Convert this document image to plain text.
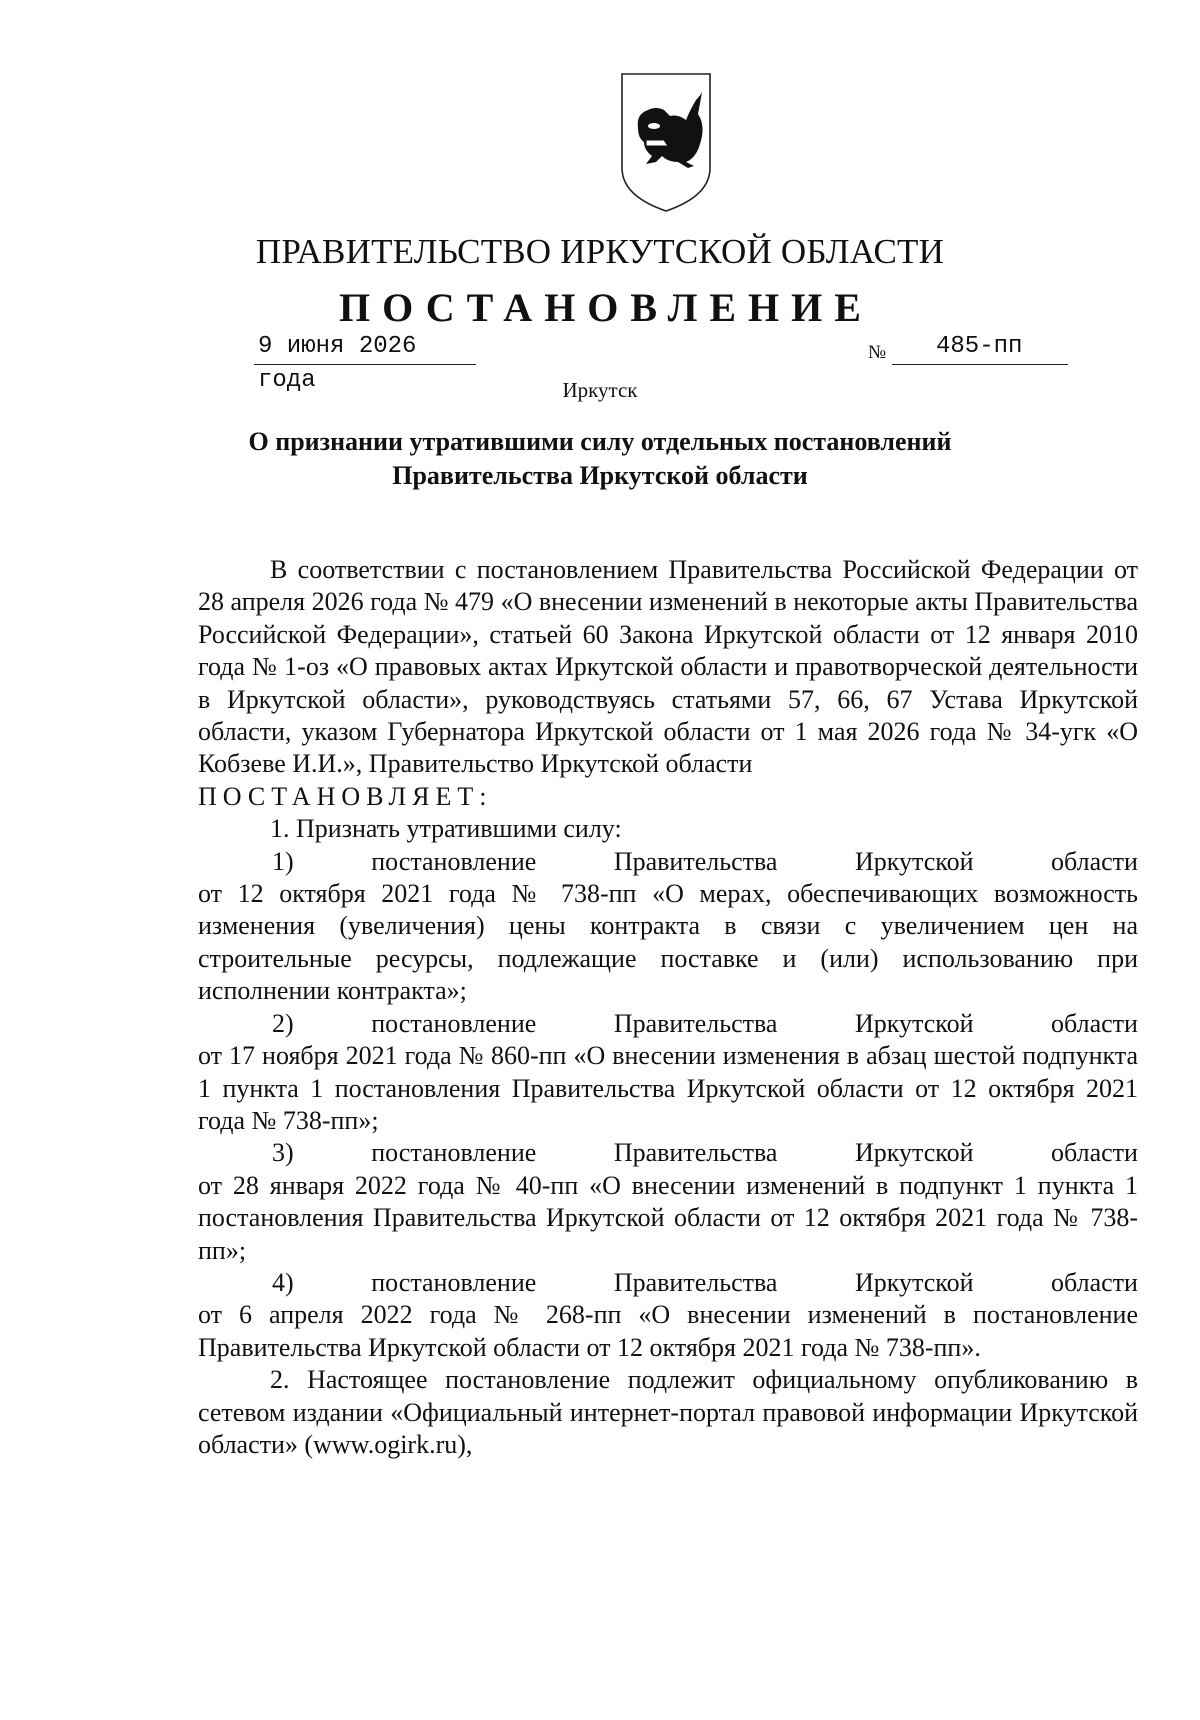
ПРАВИТЕЛЬСТВО ИРКУТСКОЙ ОБЛАСТИ
ПОСТАНОВЛЕНИЕ
9 июня 2026 года
№ 485-пп
Иркутск
О признании утратившими силу отдельных постановлений
Правительства Иркутской области

В соответствии с постановлением Правительства Российской Федерации от 28 апреля 2026 года № 479 «О внесении изменений в некоторые акты Правительства Российской Федерации», статьей 60 Закона Иркутской области от 12 января 2010 года № 1-оз «О правовых актах Иркутской области и правотворческой деятельности в Иркутской области», руководствуясь статьями 57, 66, 67 Устава Иркутской области, указом Губернатора Иркутской области от 1 мая 2026 года № 34-угк «О Кобзеве И.И.», Правительство Иркутской области

ПОСТАНОВЛЯЕТ:

1. Признать утратившими силу:

1)	постановление	Правительства	Иркутской	области

от 12 октября 2021 года № 738-пп «О мерах, обеспечивающих возможность изменения (увеличения) цены контракта в связи с увеличением цен на строительные ресурсы, подлежащие поставке и (или) использованию при исполнении контракта»;

2)	постановление	Правительства	Иркутской	области

от 17 ноября 2021 года № 860-пп «О внесении изменения в абзац шестой подпункта 1 пункта 1 постановления Правительства Иркутской области от 12 октября 2021 года № 738-пп»;

3)	постановление	Правительства	Иркутской	области

от 28 января 2022 года № 40-пп «О внесении изменений в подпункт 1 пункта 1 постановления Правительства Иркутской области от 12 октября 2021 года № 738-пп»;

4)	постановление	Правительства	Иркутской	области

от 6 апреля 2022 года № 268-пп «О внесении изменений в постановление Правительства Иркутской области от 12 октября 2021 года № 738-пп».

2. Настоящее постановление подлежит официальному опубликованию в сетевом издании «Официальный интернет-портал правовой информации Иркутской области» (www.ogirk.ru),
